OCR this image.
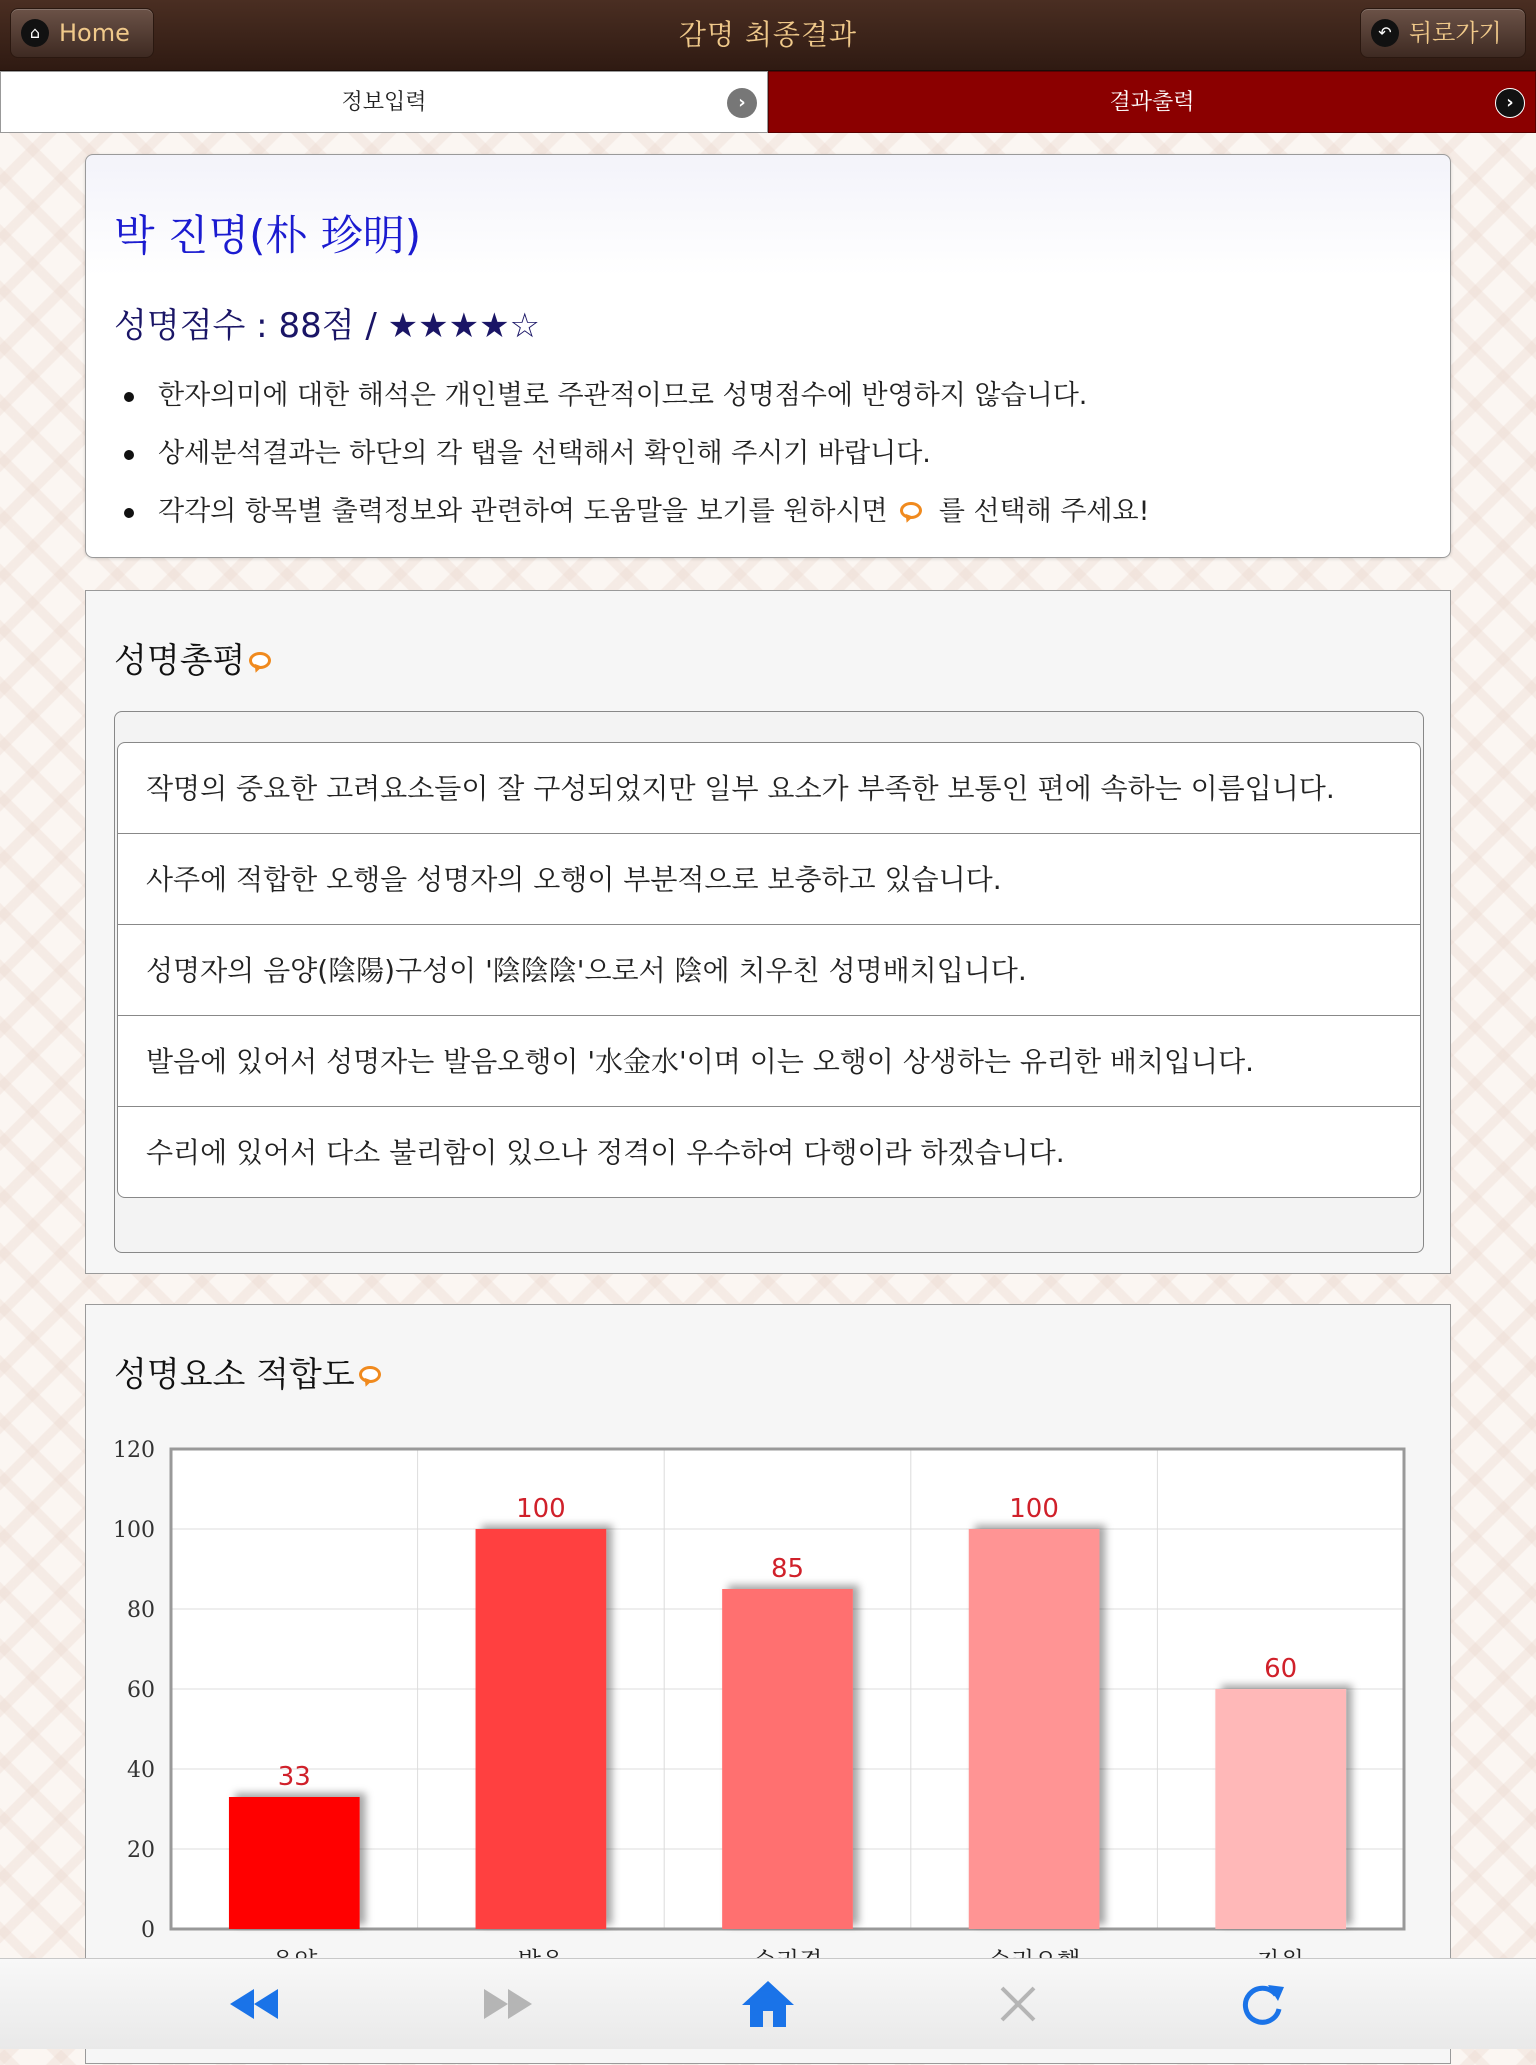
감명 최종결과
⌂ Home	↶ 뒤로가기
정보입력	›	결과출력	›
박 진명(朴 珍明)
성명점수 : 88점 / ★★★★☆
한자의미에 대한 해석은 개인별로 주관적이므로 성명점수에 반영하지 않습니다.
상세분석결과는 하단의 각 탭을 선택해서 확인해 주시기 바랍니다.
각각의 항목별 출력정보와 관련하여 도움말을 보기를 원하시면 를 선택해 주세요!
성명총평
작명의 중요한 고려요소들이 잘 구성되었지만 일부 요소가 부족한 보통인 편에 속하는 이름입니다.
사주에 적합한 오행을 성명자의 오행이 부분적으로 보충하고 있습니다.
성명자의 음양(陰陽)구성이 '陰陰陰'으로서 陰에 치우친 성명배치입니다.
발음에 있어서 성명자는 발음오행이 '水金水'이며 이는 오행이 상생하는 유리한 배치입니다.
수리에 있어서 다소 불리함이 있으나 정격이 우수하여 다행이라 하겠습니다.
성명요소 적합도
0
20
40
60
80
100
120
33
100
85
100
60
